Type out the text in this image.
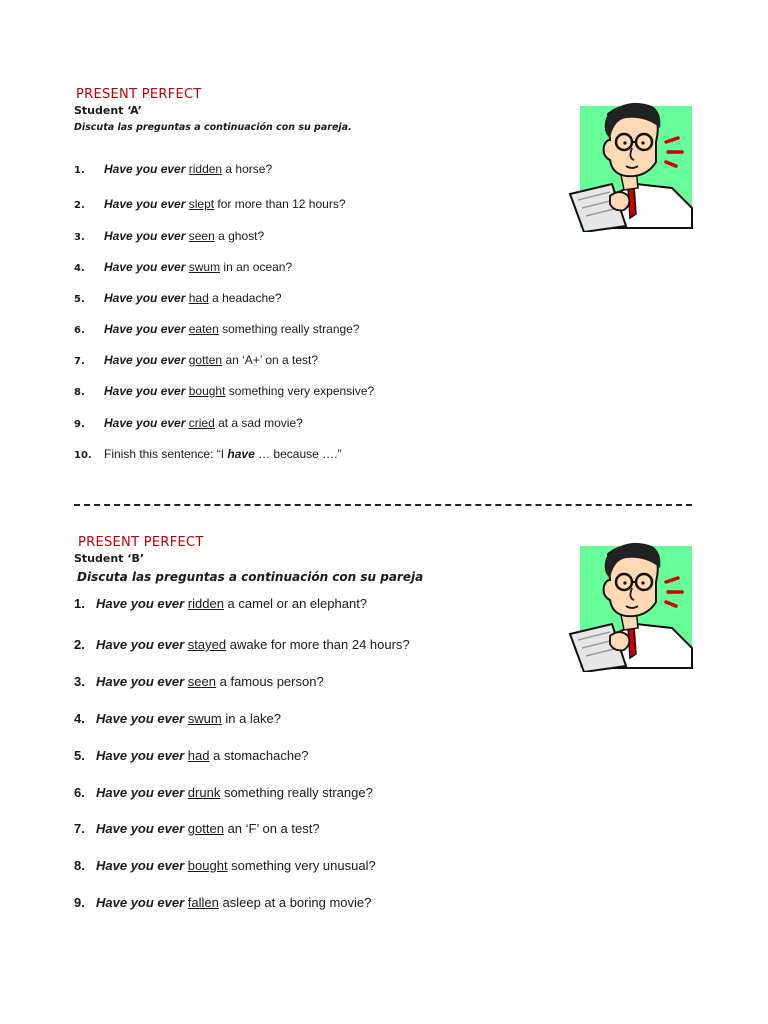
PRESENT PERFECT
Student ‘A’
Discuta las preguntas a continuación con su pareja.
1. Have you ever ridden a horse?
2. Have you ever slept for more than 12 hours?
3. Have you ever seen a ghost?
4. Have you ever swum in an ocean?
5. Have you ever had a headache?
6. Have you ever eaten something really strange?
7. Have you ever gotten an ‘A+’ on a test?
8. Have you ever bought something very expensive?
9. Have you ever cried at a sad movie?
10. Finish this sentence: “I have … because ….”
PRESENT PERFECT
Student ‘B’
Discuta las preguntas a continuación con su pareja
1. Have you ever ridden a camel or an elephant?
2. Have you ever stayed awake for more than 24 hours?
3. Have you ever seen a famous person?
4. Have you ever swum in a lake?
5. Have you ever had a stomachache?
6. Have you ever drunk something really strange?
7. Have you ever gotten an ‘F’ on a test?
8. Have you ever bought something very unusual?
9. Have you ever fallen asleep at a boring movie?
